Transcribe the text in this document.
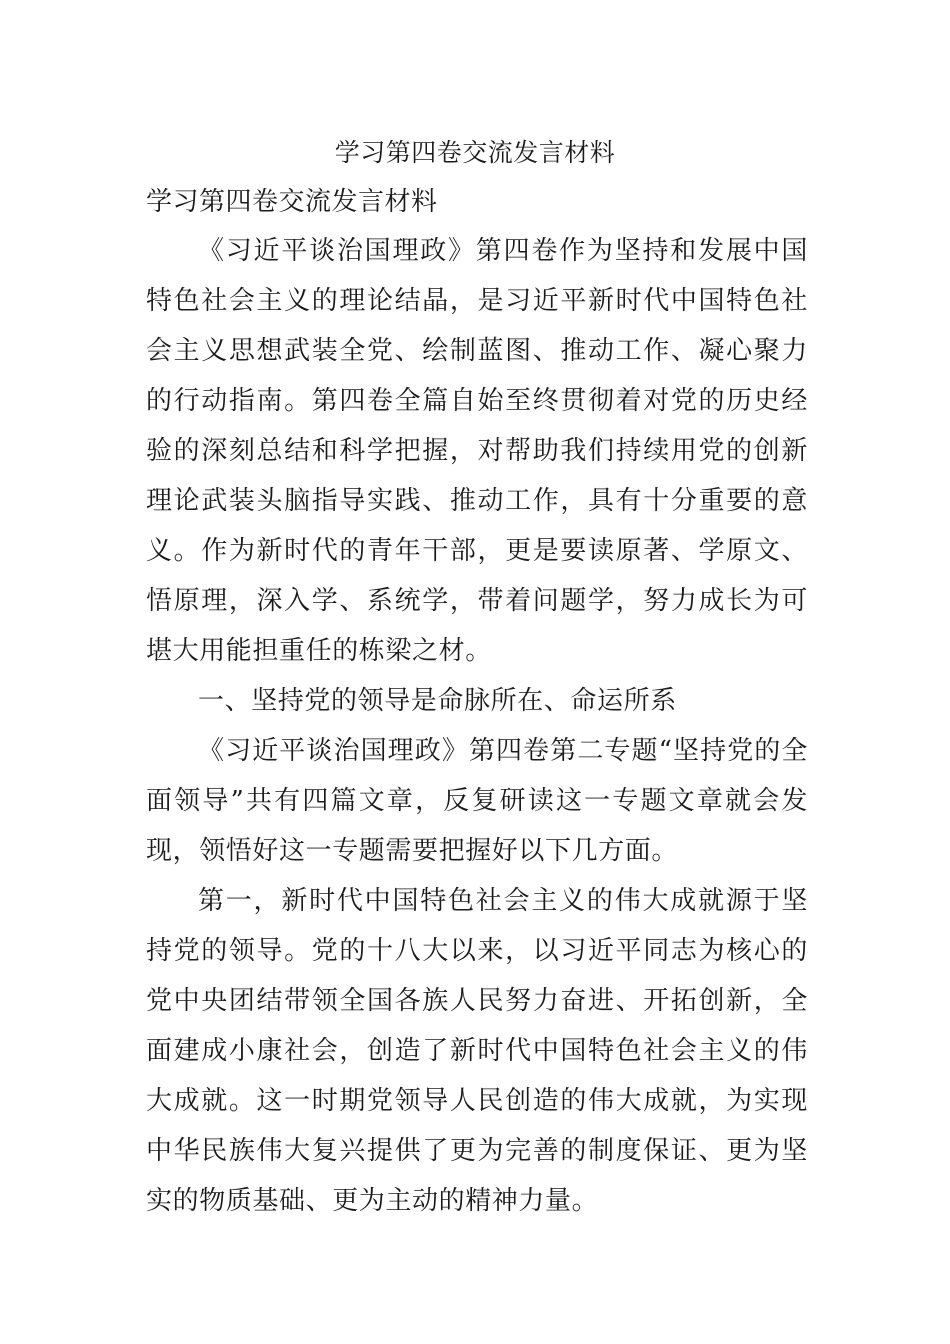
学习第四卷交流发言材料
学习第四卷交流发言材料

《习近平谈治国理政》第四卷作为坚持和发展中国特色社会主义的理论结晶，是习近平新时代中国特色社会主义思想武装全党、绘制蓝图、推动工作、凝心聚力的行动指南。第四卷全篇自始至终贯彻着对党的历史经验的深刻总结和科学把握，对帮助我们持续用党的创新理论武装头脑指导实践、推动工作，具有十分重要的意义。作为新时代的青年干部，更是要读原著、学原文、悟原理，深入学、系统学，带着问题学，努力成长为可堪大用能担重任的栋梁之材。

一、坚持党的领导是命脉所在、命运所系

《习近平谈治国理政》第四卷第二专题“坚持党的全面领导”共有四篇文章，反复研读这一专题文章就会发现，领悟好这一专题需要把握好以下几方面。

第一，新时代中国特色社会主义的伟大成就源于坚持党的领导。党的十八大以来，以习近平同志为核心的党中央团结带领全国各族人民努力奋进、开拓创新，全面建成小康社会，创造了新时代中国特色社会主义的伟大成就。这一时期党领导人民创造的伟大成就，为实现中华民族伟大复兴提供了更为完善的制度保证、更为坚实的物质基础、更为主动的精神力量。
